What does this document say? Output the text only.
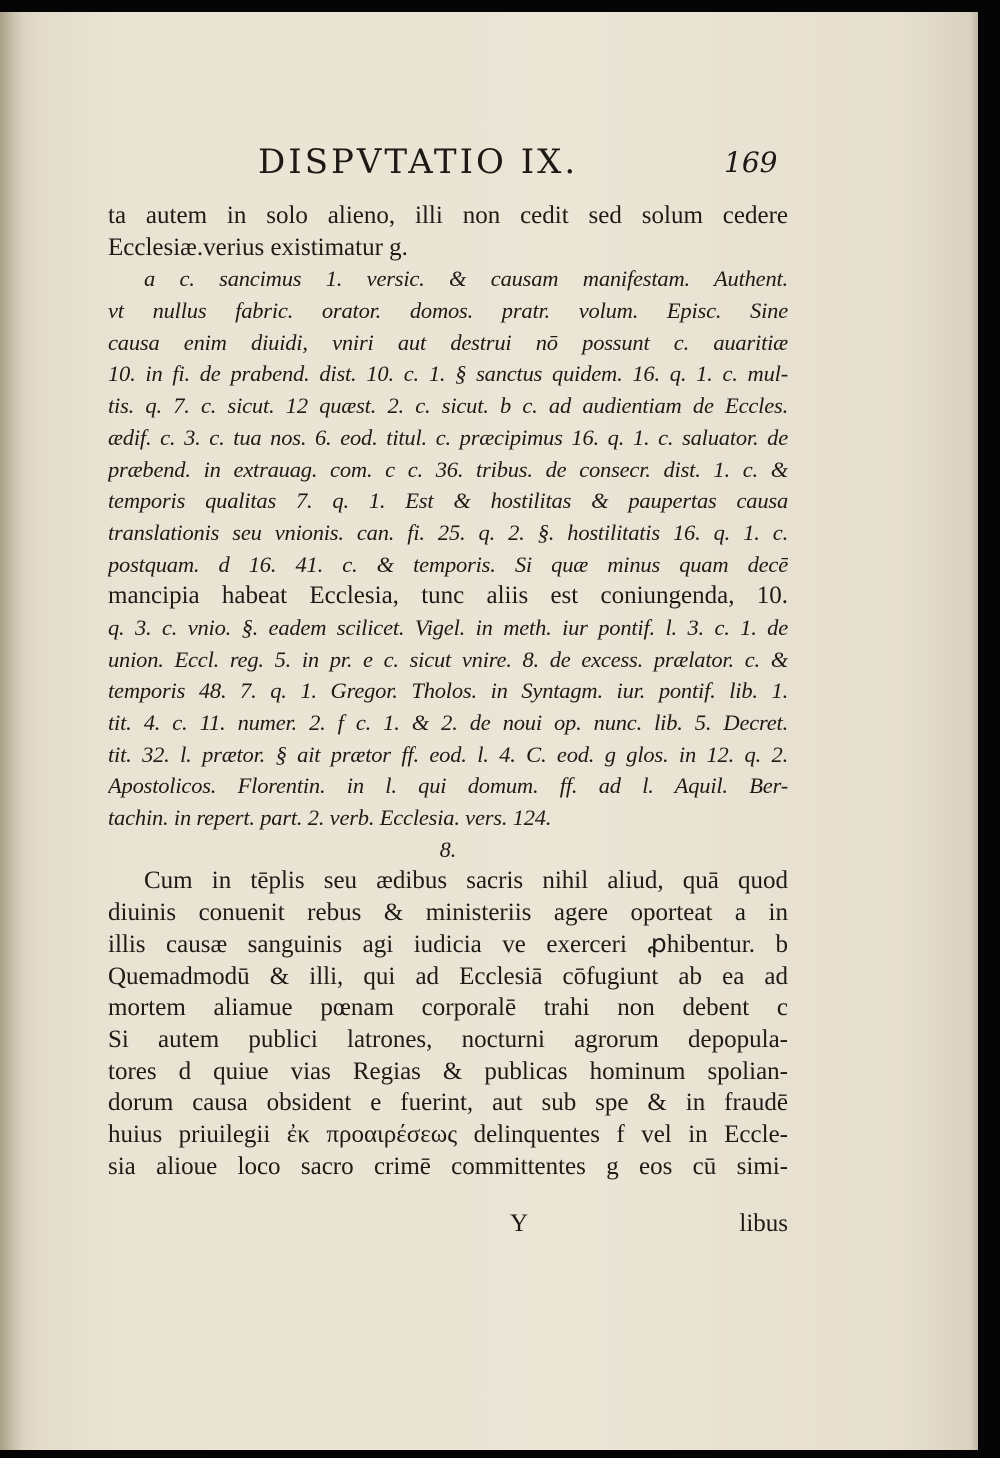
DISPVTATIO IX.	169
ta autem in solo alieno, illi non cedit sed solum cedere
Ecclesiæ.verius existimatur g.
a c. sancimus 1. versic. & causam manifestam. Authent.
vt nullus fabric. orator. domos. pratr. volum. Episc. Sine
causa enim diuidi, vniri aut destrui nō possunt c. auaritiæ
10. in fi. de prabend. dist. 10. c. 1. § sanctus quidem. 16. q. 1. c. mul-
tis. q. 7. c. sicut. 12 quæst. 2. c. sicut. b c. ad audientiam de Eccles.
ædif. c. 3. c. tua nos. 6. eod. titul. c. præcipimus 16. q. 1. c. saluator. de
præbend. in extrauag. com. c c. 36. tribus. de consecr. dist. 1. c. &
temporis qualitas 7. q. 1. Est & hostilitas & paupertas causa
translationis seu vnionis. can. fi. 25. q. 2. §. hostilitatis 16. q. 1. c.
postquam. d 16. 41. c. & temporis. Si quæ minus quam decē
mancipia habeat Ecclesia, tunc aliis est coniungenda, 10.
q. 3. c. vnio. §. eadem scilicet. Vigel. in meth. iur pontif. l. 3. c. 1. de
union. Eccl. reg. 5. in pr. e c. sicut vnire. 8. de excess. prælator. c. &
temporis 48. 7. q. 1. Gregor. Tholos. in Syntagm. iur. pontif. lib. 1.
tit. 4. c. 11. numer. 2. f c. 1. & 2. de noui op. nunc. lib. 5. Decret.
tit. 32. l. prætor. § ait prætor ff. eod. l. 4. C. eod. g glos. in 12. q. 2.
Apostolicos. Florentin. in l. qui domum. ff. ad l. Aquil. Ber-
tachin. in repert. part. 2. verb. Ecclesia. vers. 124.
8.
Cum in tēplis seu ædibus sacris nihil aliud, quā quod
diuinis conuenit rebus & ministeriis agere oporteat a in
illis causæ sanguinis agi iudicia ve exerceri ꝓhibentur. b
Quemadmodū & illi, qui ad Ecclesiā cōfugiunt ab ea ad
mortem aliamue pœnam corporalē trahi non debent c
Si autem publici latrones, nocturni agrorum depopula-
tores d quiue vias Regias & publicas hominum spolian-
dorum causa obsident e fuerint, aut sub spe & in fraudē
huius priuilegii ἐκ προαιρέσεως delinquentes f vel in Eccle-
sia alioue loco sacro crimē committentes g eos cū simi-
Y	libus
